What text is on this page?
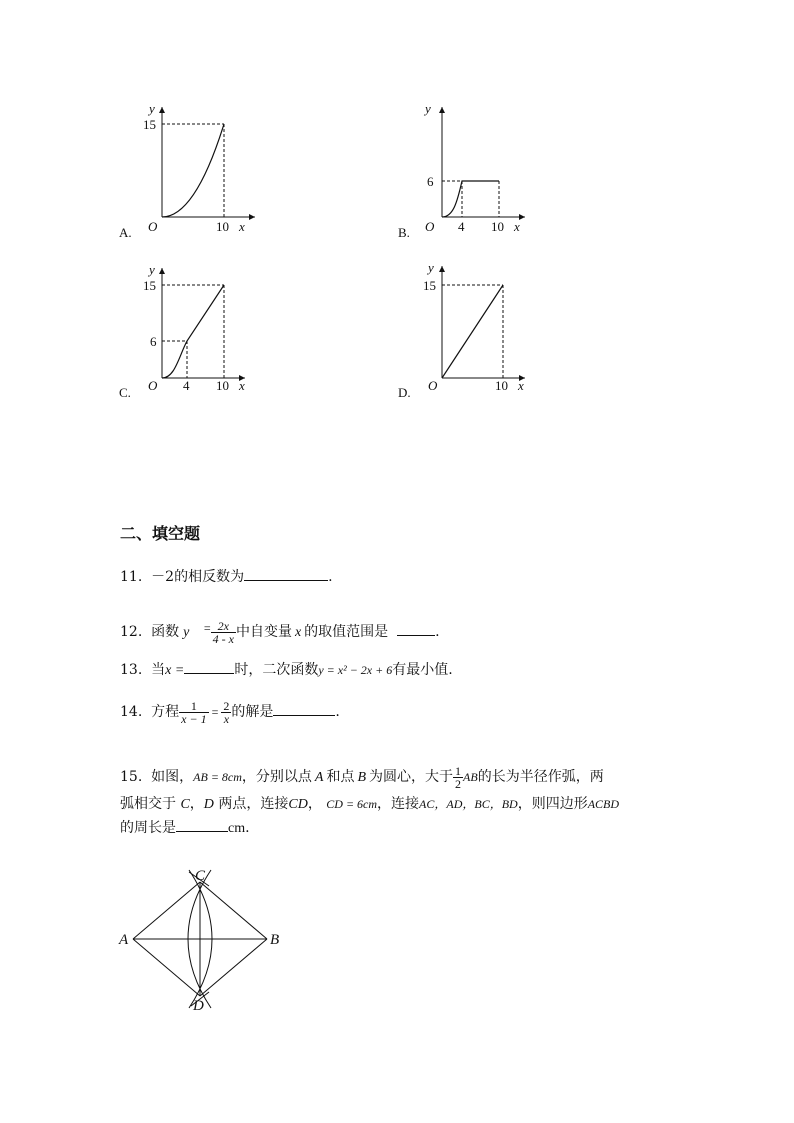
y
15
O	10 x
A.
y
6
O 4 10 x
B.
y
15
6
O 4 10 x
C.
y
15
O	10 x
D.
二、填空题
11. －2的相反数为	.
12. 函数 $y = \frac{2x}{4 - x}$ 中自变量 x 的取值范围是	.
13. 当x =	时，二次函数y = x² − 2x + 6有最小值.
14. 方程 $\frac{1}{x - 1} = \frac{2}{x}$ 的解是	.
15. 如图，AB = 8cm，分别以点 A 和点 B 为圆心，大于 $\frac{1}{2}$ AB的长为半径作弧，两
弧相交于 C，D 两点，连接CD， CD = 6cm，连接AC，AD，BC，BD，则四边形ACBD
的周长是	cm.
C
A	B
D
